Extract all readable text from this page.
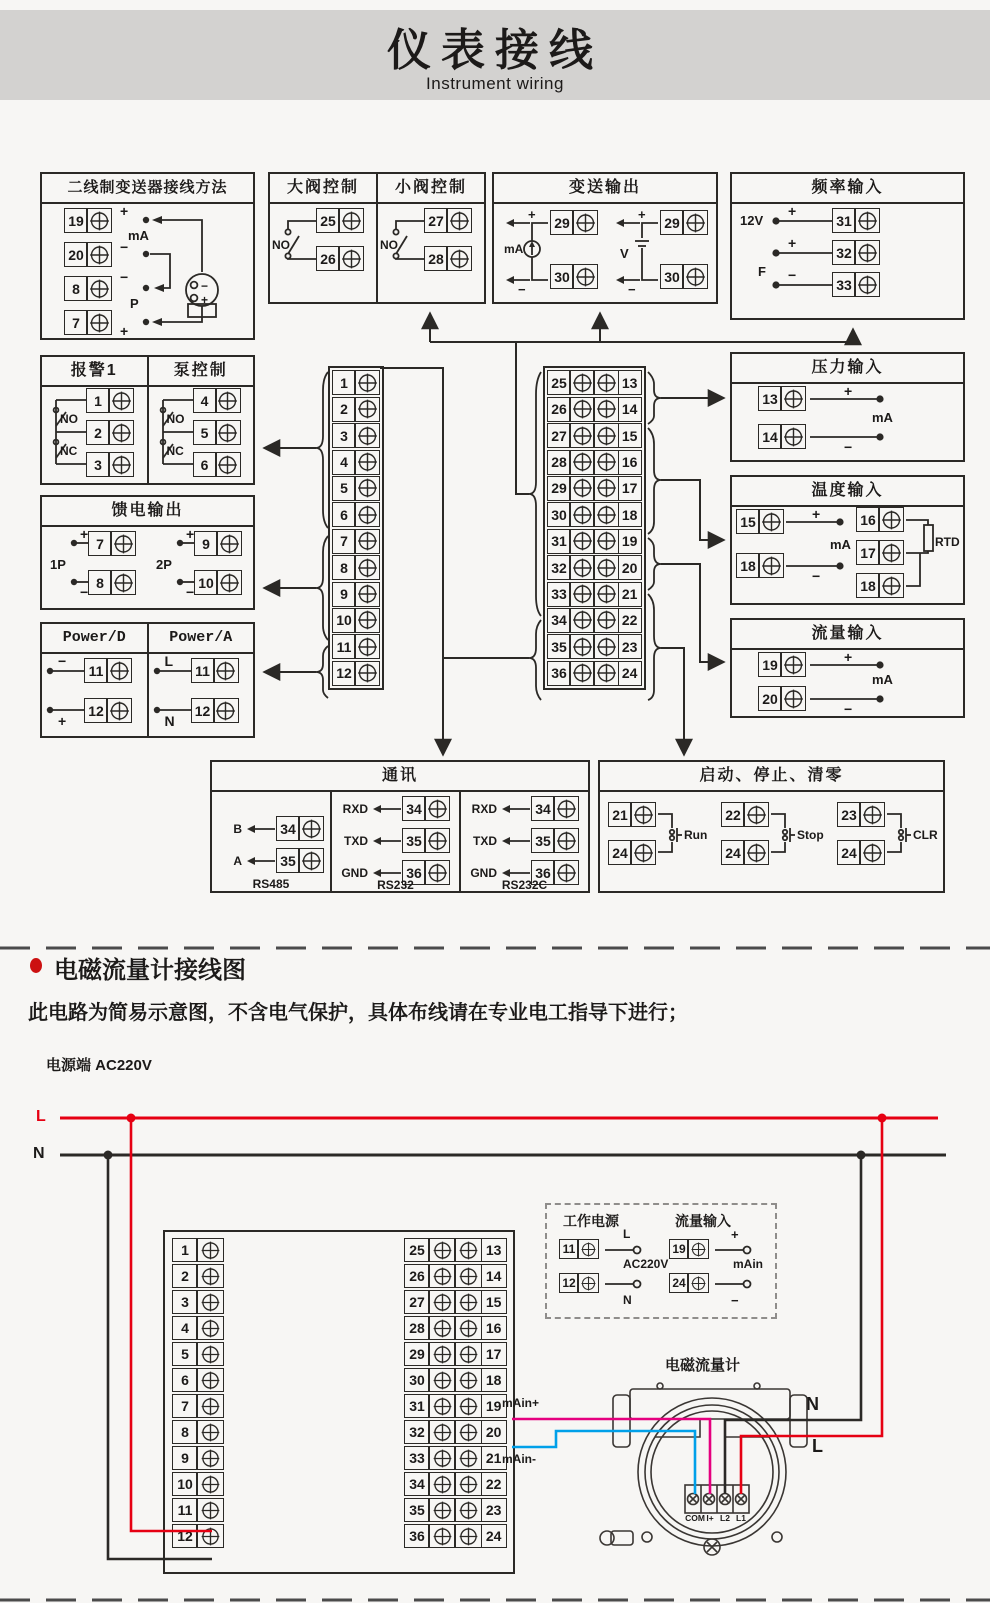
仪表接线
Instrument wiring
二线制变送器接线方法
19
20
8
7
+
−
−
+
mA
P
−
+
大阀控制
NO
25
26
小阀控制
NO
27
28
变送输出
+
mA
−
29
30
+
V
−
29
30
频率输入
12V
F
+
+
−
31
32
33
报警1
NO
NC
1
2
3
泵控制
NO
NC
4
5
6
馈电输出
1P
+
−
7
8
2P
+
−
9
10
Power/D
−
+
11
12
Power/A
L
N
11
12
压力输入
13
14
+
−
mA
温度输入
15
18
+
−
mA
16
17
18
RTD
流量输入
19
20
+
−
mA
通讯
B	34
A	35
RS485
RXD	34
TXD	35
GND	36
RS232
RXD	34
TXD	35
GND	36
RS232C
启动、停止、清零
21
24
Run
22
24
Stop
23
24
CLR
1
2
3
4
5
6
7
8
9
10
11
12
25	13
26	14
27	15
28	16
29	17
30	18
31	19
32	20
33	21
34	22
35	23
36	24
电磁流量计接线图
此电路为简易示意图，不含电气保护，具体布线请在专业电工指导下进行；
电源端 AC220V
L
N
1
2
3
4
5
6
7
8
9
10
11
12
25	13
26	14
27	15
28	16
29	17
30	18
31	19
32	20
33	21
34	22
35	23
36	24
工作电源
11
L
AC220V
12
N
流量输入
19
+
mAin
24
−
mAin+
mAin-
N
L
电磁流量计
COM I+ L2 L1
